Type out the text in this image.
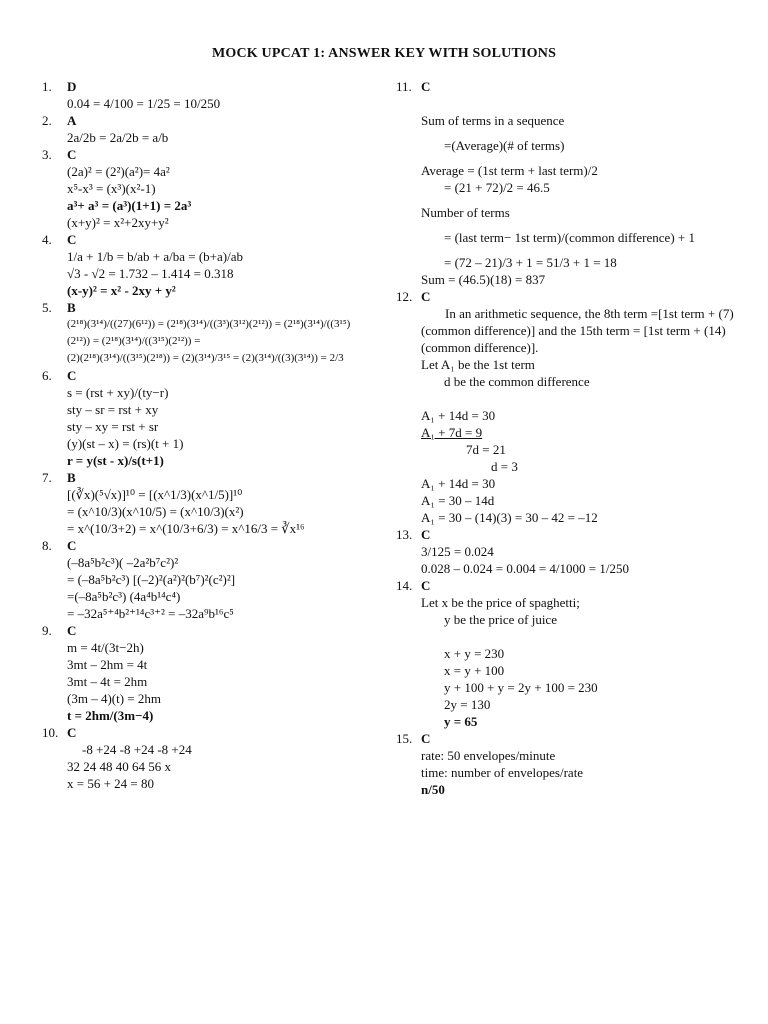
MOCK UPCAT 1: ANSWER KEY WITH SOLUTIONS
1. D
0.04 = 4/100 = 1/25 = 10/250
2. A
2a/2b = 2a/2b = a/b
3. C
(2a)² = (2²)(a²)= 4a²
x⁵-x³ = (x³)(x²-1)
a³+ a³ = (a³)(1+1) = 2a³
(x+y)² = x²+2xy+y²
4. C
1/a + 1/b = b/ab + a/ba = (b+a)/ab
√3 - √2 = 1.732 – 1.414 = 0.318
(x-y)² = x² - 2xy + y²
5. B
(2¹⁸)(3¹⁴)/((27)(6¹²)) = (2¹⁸)(3¹⁴)/((3³)(3¹²)(2¹²)) = (2¹⁸)(3¹⁴)/((3¹⁵)(2¹²)) = (2¹⁸)(3¹⁴)/((3¹⁵)(2¹²)) =
(2)(2¹⁸)(3¹⁴)/((3¹⁵)(2¹⁸)) = (2)(3¹⁴)/3¹⁵ = (2)(3¹⁴)/((3)(3¹⁴)) = 2/3
6. C
s = (rst + xy)/(ty−r)
sty – sr = rst + xy
sty – xy = rst + sr
(y)(st – x) = (rs)(t + 1)
r = y(st - x)/s(t+1)
7. B
[(∛x)(⁵√x)]¹⁰ = [(x^1/3)(x^1/5)]¹⁰
= (x^10/3)(x^10/5) = (x^10/3)(x²)
= x^(10/3+2) = x^(10/3+6/3) = x^16/3 = ∛x¹⁶
8. C
(–8a⁵b²c³)( –2a²b⁷c²)²
= (–8a⁵b²c³) [(–2)²(a²)²(b⁷)²(c²)²]
=(–8a⁵b²c³) (4a⁴b¹⁴c⁴)
= –32a⁵⁺⁴b²⁺¹⁴c³⁺² = –32a⁹b¹⁶c⁵
9. C
m = 4t/(3t−2h)
3mt – 2hm = 4t
3mt – 4t = 2hm
(3m – 4)(t) = 2hm
t = 2hm/(3m−4)
10. C
-8 +24 -8 +24 -8 +24
32 24 48 40 64 56 x
x = 56 + 24 = 80
11. C
Sum of terms in a sequence
=(Average)(# of terms)
Average = (1st term + last term)/2
= (21 + 72)/2 = 46.5
Number of terms
= (last term− 1st term)/(common difference) + 1
= (72 – 21)/3 + 1 = 51/3 + 1 = 18
Sum = (46.5)(18) = 837
12. C
In an arithmetic sequence, the 8th term =[1st term + (7)(common difference)] and the 15th term = [1st term + (14)(common difference)].
Let A₁ be the 1st term
d be the common difference
A₁ + 14d = 30
A₁ + 7d = 9
7d = 21
d = 3
A₁ + 14d = 30
A₁ = 30 – 14d
A₁ = 30 – (14)(3) = 30 – 42 = –12
13. C
3/125 = 0.024
0.028 – 0.024 = 0.004 = 4/1000 = 1/250
14. C
Let x be the price of spaghetti;
y be the price of juice
x + y = 230
x = y + 100
y + 100 + y = 2y + 100 = 230
2y = 130
y = 65
15. C
rate: 50 envelopes/minute
time: number of envelopes/rate
n/50
